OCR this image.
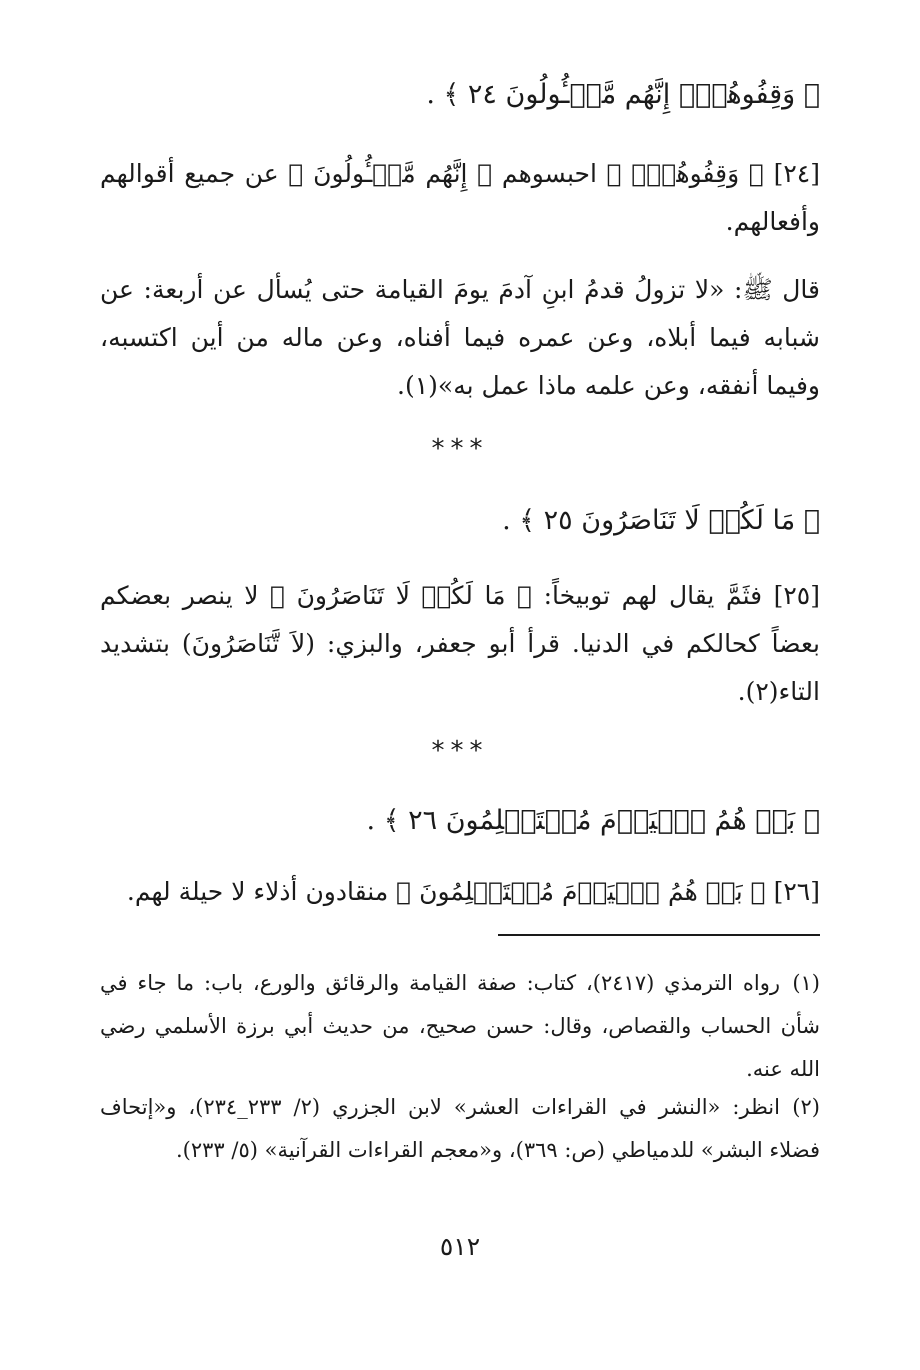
﴿ وَقِفُوهُمۡۖ إِنَّهُم مَّسۡـُٔولُونَ ٢٤ ﴾ .
[٢٤] ﴿ وَقِفُوهُمۡۖ ﴾ احبسوهم ﴿ إِنَّهُم مَّسۡـُٔولُونَ ﴾ عن جميع أقوالهم وأفعالهم.
قال ﷺ: «لا تزولُ قدمُ ابنِ آدمَ يومَ القيامة حتى يُسأل عن أربعة: عن شبابه فيما أبلاه، وعن عمره فيما أفناه، وعن ماله من أين اكتسبه، وفيما أنفقه، وعن علمه ماذا عمل به»(١).
***
﴿ مَا لَكُمۡ لَا تَنَاصَرُونَ ٢٥ ﴾ .
[٢٥] فثَمَّ يقال لهم توبيخاً: ﴿ مَا لَكُمۡ لَا تَنَاصَرُونَ ﴾ لا ينصر بعضكم بعضاً كحالكم في الدنيا. قرأ أبو جعفر، والبزي: (لاَ تَّنَاصَرُونَ) بتشديد التاء(٢).
***
﴿ بَلۡ هُمُ ٱلۡيَوۡمَ مُسۡتَسۡلِمُونَ ٢٦ ﴾ .
[٢٦] ﴿ بَلۡ هُمُ ٱلۡيَوۡمَ مُسۡتَسۡلِمُونَ ﴾ منقادون أذلاء لا حيلة لهم.
(١)رواه الترمذي (٢٤١٧)، كتاب: صفة القيامة والرقائق والورع، باب: ما جاء في شأن الحساب والقصاص، وقال: حسن صحيح، من حديث أبي برزة الأسلمي رضي الله عنه.
(٢)انظر: «النشر في القراءات العشر» لابن الجزري (٢/ ٢٣٣_٢٣٤)، و«إتحاف فضلاء البشر» للدمياطي (ص: ٣٦٩)، و«معجم القراءات القرآنية» (٥/ ٢٣٣).
٥١٢
